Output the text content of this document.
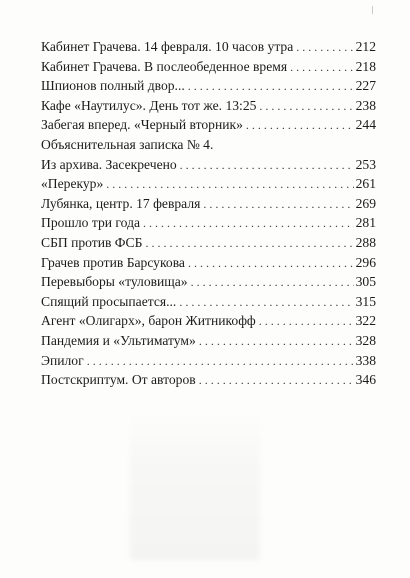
Кабинет Грачева. 14 февраля. 10 часов утра . . .	212
Кабинет Грачева. В послеобеденное время . . .	218
Шпионов полный двор... . . .	227
Кафе «Наутилус». День тот же. 13:25 . . .	238
Забегая вперед. «Черный вторник» . . .	244
Объяснительная записка № 4.
Из архива. Засекречено . . .	253
«Перекур» . . .	261
Лубянка, центр. 17 февраля . . .	269
Прошло три года . . .	281
СБП против ФСБ . . .	288
Грачев против Барсукова . . .	296
Перевыборы «туловища» . . .	305
Спящий просыпается... . . .	315
Агент «Олигарх», барон Житникофф . . .	322
Пандемия и «Ультиматум» . . .	328
Эпилог . . .	338
Постскриптум. От авторов . . .	346
